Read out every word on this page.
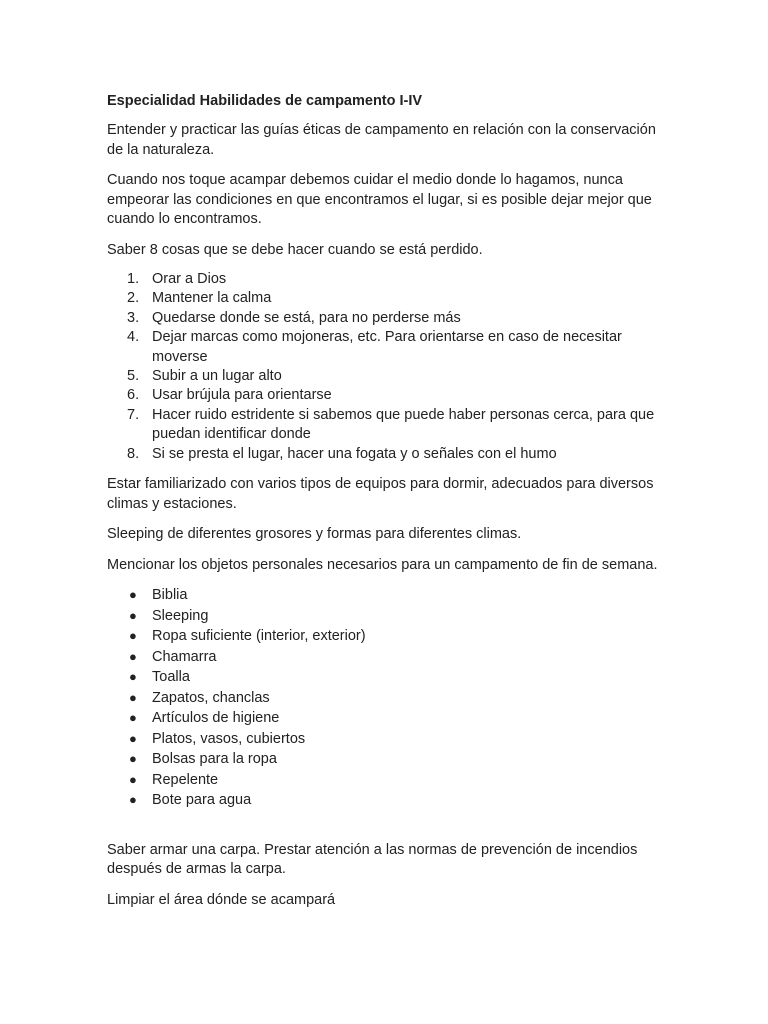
Especialidad Habilidades de campamento I-IV

Entender y practicar las guías éticas de campamento en relación con la conservación de la naturaleza.

Cuando nos toque acampar debemos cuidar el medio donde lo hagamos, nunca empeorar las condiciones en que encontramos el lugar, si es posible dejar mejor que cuando lo encontramos.

Saber 8 cosas que se debe hacer cuando se está perdido.

1. Orar a Dios
2. Mantener la calma
3. Quedarse donde se está, para no perderse más
4. Dejar marcas como mojoneras, etc. Para orientarse en caso de necesitar moverse
5. Subir a un lugar alto
6. Usar brújula para orientarse
7. Hacer ruido estridente si sabemos que puede haber personas cerca, para que puedan identificar donde
8. Si se presta el lugar, hacer una fogata y o señales con el humo

Estar familiarizado con varios tipos de equipos para dormir, adecuados para diversos climas y estaciones.

Sleeping de diferentes grosores y formas para diferentes climas.

Mencionar los objetos personales necesarios para un campamento de fin de semana.

● Biblia
● Sleeping
● Ropa suficiente (interior, exterior)
● Chamarra
● Toalla
● Zapatos, chanclas
● Artículos de higiene
● Platos, vasos, cubiertos
● Bolsas para la ropa
● Repelente
● Bote para agua

Saber armar una carpa. Prestar atención a las normas de prevención de incendios después de armas la carpa.

Limpiar el área dónde se acampará
